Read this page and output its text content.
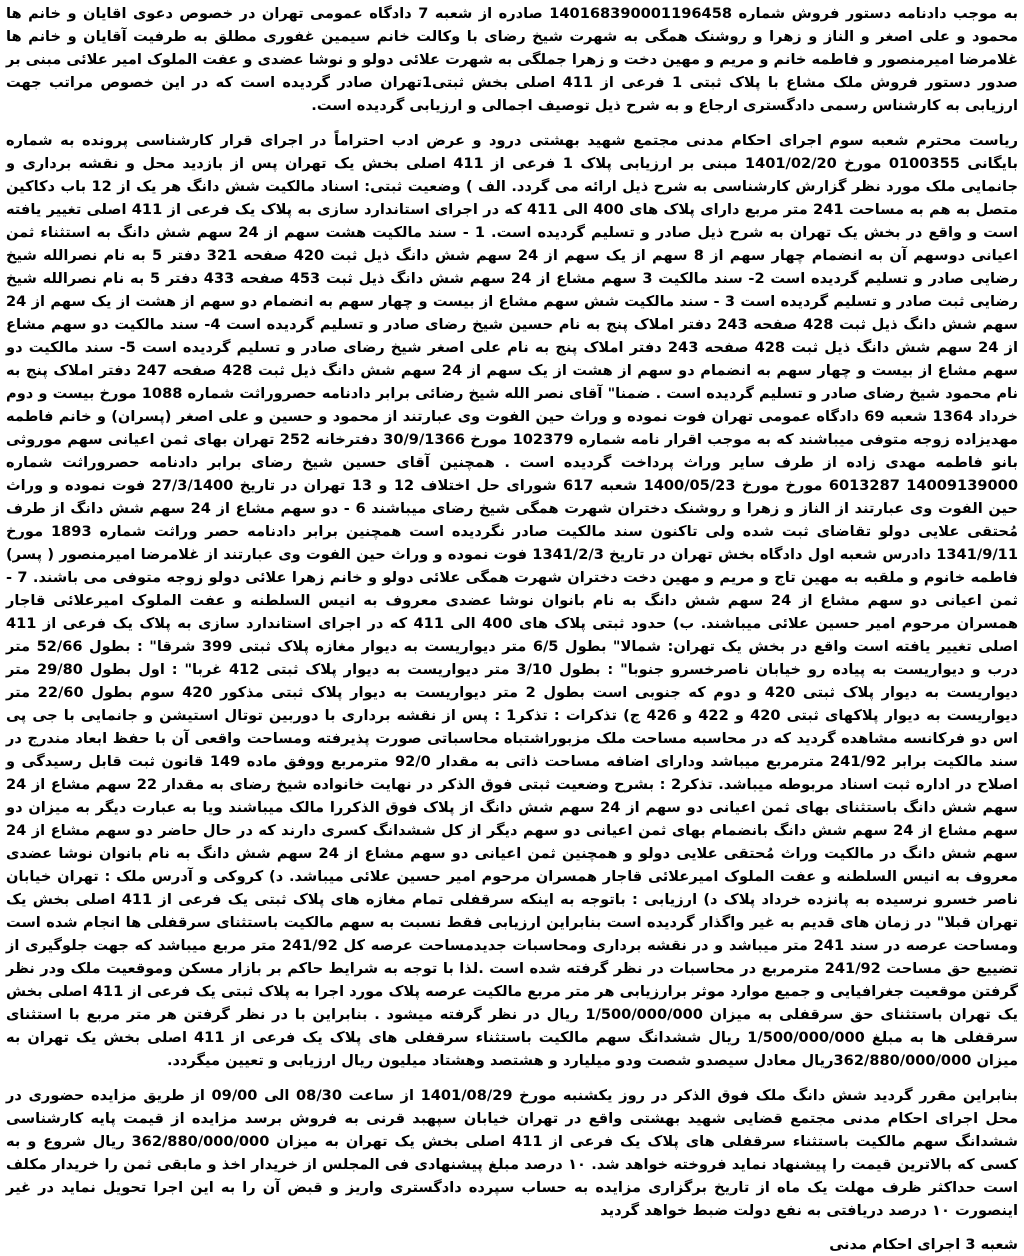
به موجب دادنامه دستور فروش شماره 140168390001196458 صادره از شعبه 7 دادگاه عمومی تهران در خصوص دعوی اقایان و خانم ها محمود و علی اصغر و الناز و زهرا و روشنک همگی به شهرت شیخ رضای با وکالت خانم سیمین غفوری مطلق به طرفیت آقایان و خانم ها غلامرضا امیرمنصور و فاطمه خانم و مریم و مهین دخت و زهرا جملگی به شهرت علائی دولو و نوشا عضدی و عفت الملوک امیر علائی مبنی بر صدور دستور فروش ملک مشاع با پلاک ثبتی 1 فرعی از 411 اصلی بخش ثبتی1تهران صادر گردیده است که در این خصوص مراتب جهت ارزیابی به کارشناس رسمی دادگستری ارجاع و به شرح ذیل توصیف اجمالی و ارزیابی گردیده است.

ریاست محترم شعبه سوم اجرای احکام مدنی مجتمع شهید بهشتی درود و عرض ادب احتراماً در اجرای قرار کارشناسی پرونده به شماره بایگانی 0100355 مورخ 1401/02/20 مبنی بر ارزیابی پلاک 1 فرعی از 411 اصلی بخش یک تهران پس از بازدید محل و نقشه برداری و جانمایی ملک مورد نظر گزارش کارشناسی به شرح ذیل ارائه می گردد. الف ) وضعیت ثبتی: اسناد مالکیت شش دانگ هر یک از 12 باب دکاکین متصل به هم به مساحت 241 متر مربع دارای پلاک های 400 الی 411 که در اجرای استاندارد سازی به پلاک یک فرعی از 411 اصلی تغییر یافته است و واقع در بخش یک تهران به شرح ذیل صادر و تسلیم گردیده است. 1 - سند مالکیت هشت سهم از 24 سهم شش دانگ به استثناء ثمن اعیانی دوسهم آن به انضمام چهار سهم از 8 سهم از یک سهم از 24 سهم شش دانگ ذیل ثبت 420 صفحه 321 دفتر 5 به نام نصرالله شیخ رضایی صادر و تسلیم گردیده است 2- سند مالکیت 3 سهم مشاع از 24 سهم شش دانگ ذیل ثبت 453 صفحه 433 دفتر 5 به نام نصرالله شیخ رضایی ثبت صادر و تسلیم گردیده است 3 - سند مالکیت شش سهم مشاع از بیست و چهار سهم به انضمام دو سهم از هشت از یک سهم از 24 سهم شش دانگ ذیل ثبت 428 صفحه 243 دفتر املاک پنج به نام حسین شیخ رضای صادر و تسلیم گردیده است 4- سند مالکیت دو سهم مشاع از 24 سهم شش دانگ ذیل ثبت 428 صفحه 243 دفتر املاک پنج به نام علی اصغر شیخ رضای صادر و تسلیم گردیده است 5- سند مالکیت دو سهم مشاع از بیست و چهار سهم به انضمام دو سهم از هشت از یک سهم از 24 سهم شش دانگ ذیل ثبت 428 صفحه 247 دفتر املاک پنج به نام محمود شیخ رضای صادر و تسلیم گردیده است . ضمنا" آقای نصر الله شیخ رضائی برابر دادنامه حصروراثت شماره 1088 مورخ بیست و دوم خرداد 1364 شعبه 69 دادگاه عمومی تهران فوت نموده و وراث حین الفوت وی عبارتند از محمود و حسین و علی اصغر (پسران) و خانم فاطمه مهدیزاده زوجه متوفی میباشند که به موجب اقرار نامه شماره 102379 مورخ 30/9/1366 دفترخانه 252 تهران بهای ثمن اعیانی سهم موروثی بانو فاطمه مهدی زاده از طرف سایر وراث پرداخت گردیده است . همچنین آقای حسین شیخ رضای برابر دادنامه حصروراثت شماره 14009139000 6013287 مورخ مورخ 1400/05/23 شعبه 617 شورای حل اختلاف 12 و 13 تهران در تاریخ 27/3/1400 فوت نموده و وراث حین الفوت وی عبارتند از الناز و زهرا و روشنک دختران شهرت همگی شیخ رضای میباشند 6 - دو سهم مشاع از 24 سهم شش دانگ از طرف مُحتقی علایی دولو تقاضای ثبت شده ولی تاکنون سند مالکیت صادر نگردیده است همچنین برابر دادنامه حصر وراثت شماره 1893 مورخ 1341/9/11 دادرس شعبه اول دادگاه بخش تهران در تاریخ 1341/2/3 فوت نموده و وراث حین الفوت وی عبارتند از غلامرضا امیرمنصور ( پسر) فاطمه خانوم و ملقبه به مهین تاج و مریم و مهین دخت دختران شهرت همگی علائی دولو و خانم زهرا علائی دولو زوجه متوفی می باشند. 7 - ثمن اعیانی دو سهم مشاع از 24 سهم شش دانگ به نام بانوان نوشا عضدی معروف به انیس السلطنه و عفت الملوک امیرعلائی قاجار همسران مرحوم امیر حسین علائی میباشند. ب) حدود ثبتی پلاک های 400 الی 411 که در اجرای استاندارد سازی به پلاک یک فرعی از 411 اصلی تغییر یافته است واقع در بخش یک تهران: شمالا" بطول 6/5 متر دیواریست به دیوار مغازه پلاک ثبتی 399 شرقا" : بطول 52/66 متر درب و دیواریست به پیاده رو خیابان ناصرخسرو جنوبا" : بطول 3/10 متر دیواریست به دیوار پلاک ثبتی 412 غربا" : اول بطول 29/80 متر دیواریست به دیوار پلاک ثبتی 420 و دوم که جنوبی است بطول 2 متر دیواریست به دیوار پلاک ثبتی مذکور 420 سوم بطول 22/60 متر دیواریست به دیوار پلاکهای ثبتی 420 و 422 و 426 ج) تذکرات : تذکر1 : پس از نقشه برداری با دوربین توتال استیشن و جانمایی با جی پی اس دو فرکانسه مشاهده گردید که در محاسبه مساحت ملک مزبوراشتباه محاسباتی صورت پذیرفته ومساحت واقعی آن با حفظ ابعاد مندرج در سند مالکیت برابر 241/92 مترمربع میباشد ودارای اضافه مساحت ذاتی به مقدار 92/0 مترمربع ووفق ماده 149 قانون ثبت قابل رسیدگی و اصلاح در اداره ثبت اسناد مربوطه میباشد. تذکر2 : بشرح وضعیت ثبتی فوق الذکر در نهایت خانواده شیخ رضای به مقدار 22 سهم مشاع از 24 سهم شش دانگ باستثنای بهای ثمن اعیانی دو سهم از 24 سهم شش دانگ از پلاک فوق الذکررا مالک میباشند ویا به عبارت دیگر به میزان دو سهم مشاع از 24 سهم شش دانگ بانضمام بهای ثمن اعیانی دو سهم دیگر از کل ششدانگ کسری دارند که در حال حاضر دو سهم مشاع از 24 سهم شش دانگ در مالکیت وراث مُحتقی علایی دولو و همچنین ثمن اعیانی دو سهم مشاع از 24 سهم شش دانگ به نام بانوان نوشا عضدی معروف به انیس السلطنه و عفت الملوک امیرعلائی قاجار همسران مرحوم امیر حسین علائی میباشد. د) کروکی و آدرس ملک : تهران خیابان ناصر خسرو نرسیده به پانزده خرداد پلاک د) ارزیابی : باتوجه به اینکه سرقفلی تمام مغازه های پلاک ثبتی یک فرعی از 411 اصلی بخش یک تهران قبلا" در زمان های قدیم به غیر واگذار گردیده است بنابراین ارزیابی فقط نسبت به سهم مالکیت باستثنای سرقفلی ها انجام شده است ومساحت عرصه در سند 241 متر میباشد و در نقشه برداری ومحاسبات جدیدمساحت عرصه کل 241/92 متر مربع میباشد که جهت جلوگیری از تضییع حق مساحت 241/92 مترمربع در محاسبات در نظر گرفته شده است .لذا با توجه به شرایط حاکم بر بازار مسکن وموقعیت ملک ودر نظر گرفتن موقعیت جغرافیایی و جمیع موارد موثر برارزیابی هر متر مربع مالکیت عرصه پلاک مورد اجرا به پلاک ثبتی یک فرعی از 411 اصلی بخش یک تهران باستثنای حق سرقفلی به میزان 1/500/000/000 ریال در نظر گرفته میشود . بنابراین با در نظر گرفتن هر متر مربع با استثنای سرقفلی ها به مبلغ 1/500/000/000 ریال ششدانگ سهم مالکیت باستثناء سرقفلی های پلاک یک فرعی از 411 اصلی بخش یک تهران به میزان 362/880/000/000ریال معادل سیصدو شصت ودو میلیارد و هشتصد وهشتاد میلیون ریال ارزیابی و تعیین میگردد.

بنابراین مقرر گردید شش دانگ ملک فوق الذکر در روز یکشنبه مورخ 1401/08/29 از ساعت 08/30 الی 09/00 از طریق مزایده حضوری در محل اجرای احکام مدنی مجتمع قضایی شهید بهشتی واقع در تهران خیابان سپهبد قرنی به فروش برسد مزایده از قیمت پایه کارشناسی ششدانگ سهم مالکیت باستثناء سرقفلی های پلاک یک فرعی از 411 اصلی بخش یک تهران به میزان 362/880/000/000 ریال شروع و به کسی که بالاترین قیمت را پیشنهاد نماید فروخته خواهد شد. ۱۰ درصد مبلغ پیشنهادی فی المجلس از خریدار اخذ و مابقی ثمن را خریدار مکلف است حداکثر ظرف مهلت یک ماه از تاریخ برگزاری مزایده به حساب سپرده دادگستری واریز و قبض آن را به این اجرا تحویل نماید در غیر اینصورت ۱۰ درصد دریافتی به نفع دولت ضبط خواهد گردید

شعبه 3 اجرای احکام مدنی
